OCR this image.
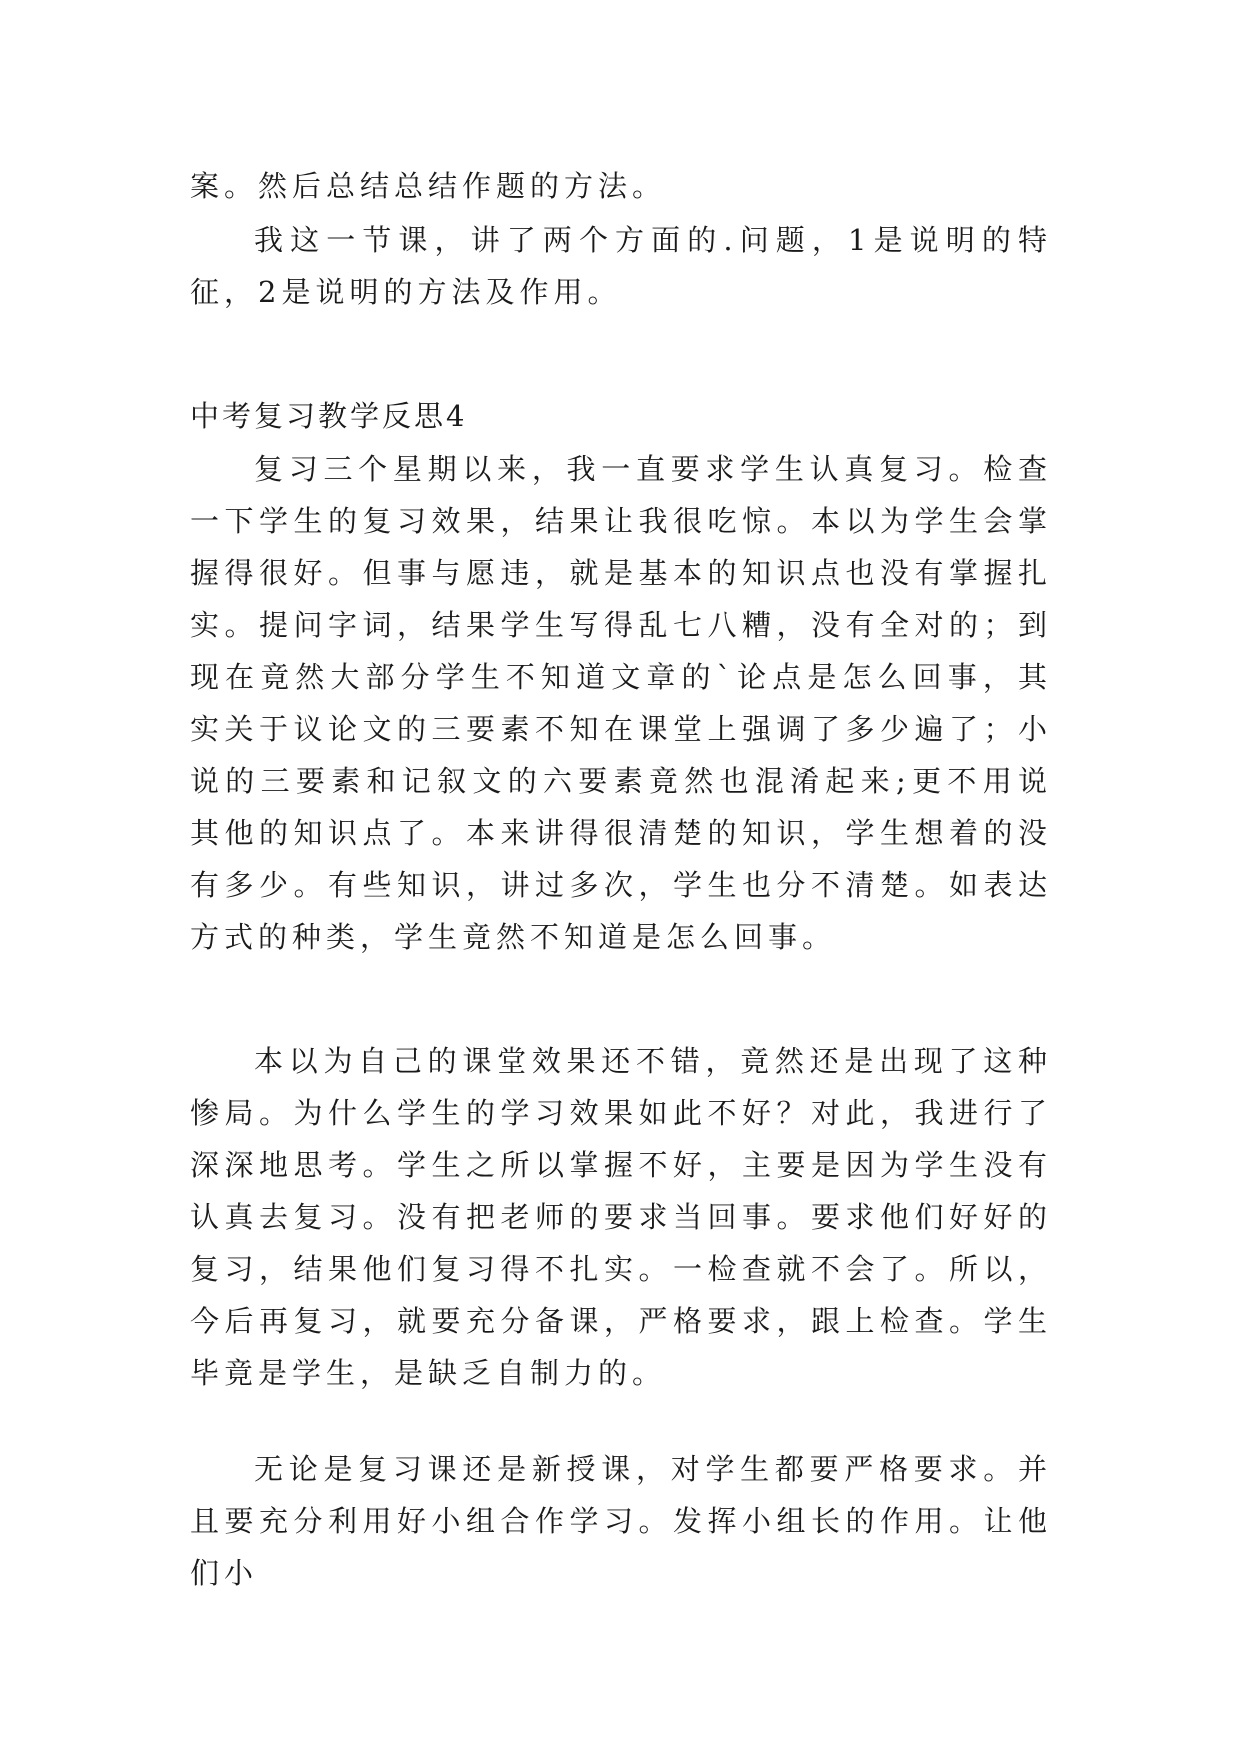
案。然后总结总结作题的方法。

我这一节课，讲了两个方面的.问题，1是说明的特征，2是说明的方法及作用。

中考复习教学反思4

复习三个星期以来，我一直要求学生认真复习。检查一下学生的复习效果，结果让我很吃惊。本以为学生会掌握得很好。但事与愿违，就是基本的知识点也没有掌握扎实。提问字词，结果学生写得乱七八糟，没有全对的；到现在竟然大部分学生不知道文章的`论点是怎么回事，其实关于议论文的三要素不知在课堂上强调了多少遍了；小说的三要素和记叙文的六要素竟然也混淆起来;更不用说其他的知识点了。本来讲得很清楚的知识，学生想着的没有多少。有些知识，讲过多次，学生也分不清楚。如表达方式的种类，学生竟然不知道是怎么回事。

本以为自己的课堂效果还不错，竟然还是出现了这种惨局。为什么学生的学习效果如此不好？对此，我进行了深深地思考。学生之所以掌握不好，主要是因为学生没有认真去复习。没有把老师的要求当回事。要求他们好好的复习，结果他们复习得不扎实。一检查就不会了。所以，今后再复习，就要充分备课，严格要求，跟上检查。学生毕竟是学生，是缺乏自制力的。

无论是复习课还是新授课，对学生都要严格要求。并且要充分利用好小组合作学习。发挥小组长的作用。让他们小
